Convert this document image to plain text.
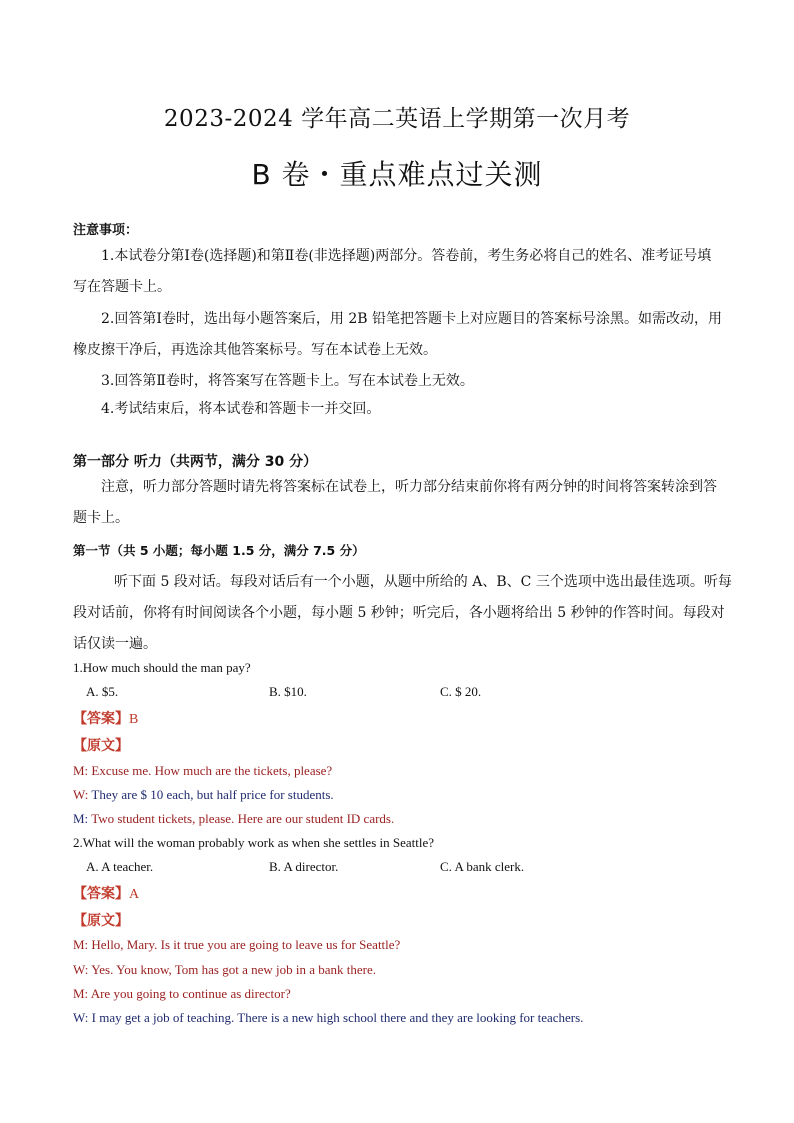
2023-2024 学年高二英语上学期第一次月考
B 卷・重点难点过关测
注意事项：
1.本试卷分第Ⅰ卷(选择题)和第Ⅱ卷(非选择题)两部分。答卷前，考生务必将自己的姓名、准考证号填
写在答题卡上。
2.回答第Ⅰ卷时，选出每小题答案后，用 2B 铅笔把答题卡上对应题目的答案标号涂黑。如需改动，用
橡皮擦干净后，再选涂其他答案标号。写在本试卷上无效。
3.回答第Ⅱ卷时，将答案写在答题卡上。写在本试卷上无效。
4.考试结束后，将本试卷和答题卡一并交回。
第一部分 听力（共两节，满分 30 分）
注意，听力部分答题时请先将答案标在试卷上，听力部分结束前你将有两分钟的时间将答案转涂到答
题卡上。
第一节（共 5 小题；每小题 1.5 分，满分 7.5 分）
听下面 5 段对话。每段对话后有一个小题，从题中所给的 A、B、C 三个选项中选出最佳选项。听每
段对话前，你将有时间阅读各个小题，每小题 5 秒钟；听完后，各小题将给出 5 秒钟的作答时间。每段对
话仅读一遍。
1.How much should the man pay?
A. $5.	B. $10.	C. $ 20.
【答案】B
【原文】
M: Excuse me. How much are the tickets, please?
W: They are $ 10 each, but half price for students.
M: Two student tickets, please. Here are our student ID cards.
2.What will the woman probably work as when she settles in Seattle?
A. A teacher.	B. A director.	C. A bank clerk.
【答案】A
【原文】
M: Hello, Mary. Is it true you are going to leave us for Seattle?
W: Yes. You know, Tom has got a new job in a bank there.
M: Are you going to continue as director?
W: I may get a job of teaching. There is a new high school there and they are looking for teachers.
